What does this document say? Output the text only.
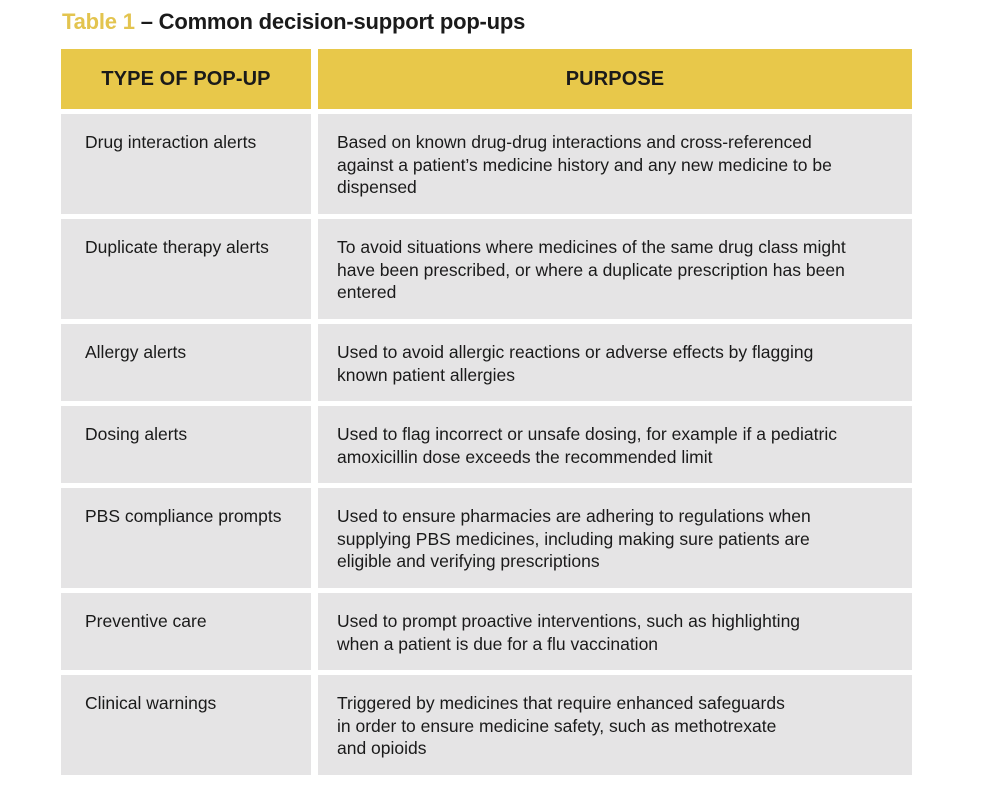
Table 1 – Common decision-support pop-ups
TYPE OF POP-UP	PURPOSE
Drug interaction alerts	Based on known drug-drug interactions and cross-referenced
against a patient’s medicine history and any new medicine to be
dispensed
Duplicate therapy alerts	To avoid situations where medicines of the same drug class might
have been prescribed, or where a duplicate prescription has been
entered
Allergy alerts	Used to avoid allergic reactions or adverse effects by flagging
known patient allergies
Dosing alerts	Used to flag incorrect or unsafe dosing, for example if a pediatric
amoxicillin dose exceeds the recommended limit
PBS compliance prompts	Used to ensure pharmacies are adhering to regulations when
supplying PBS medicines, including making sure patients are
eligible and verifying prescriptions
Preventive care	Used to prompt proactive interventions, such as highlighting
when a patient is due for a flu vaccination
Clinical warnings	Triggered by medicines that require enhanced safeguards
in order to ensure medicine safety, such as methotrexate
and opioids
